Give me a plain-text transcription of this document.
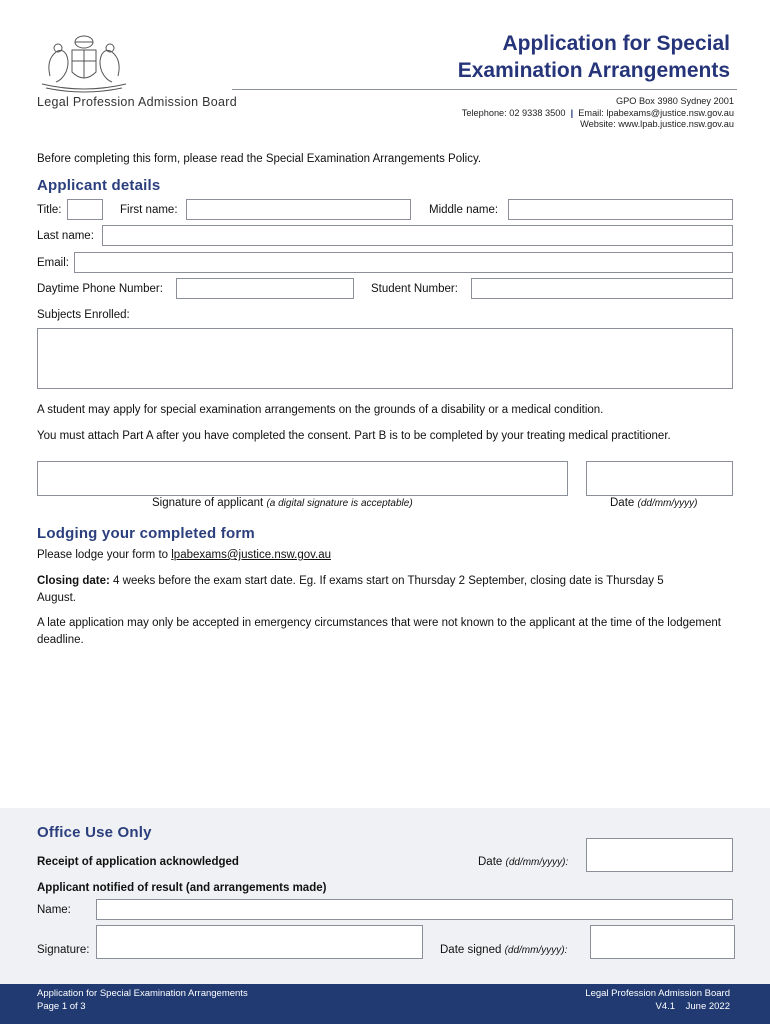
Legal Profession Admission Board
Application for Special
Examination Arrangements
GPO Box 3980 Sydney 2001
Telephone: 02 9338 3500 | Email: lpabexams@justice.nsw.gov.au
Website: www.lpab.justice.nsw.gov.au
Before completing this form, please read the Special Examination Arrangements Policy.
Applicant details
Title:	First name:	Middle name:
Last name:
Email:
Daytime Phone Number:	Student Number:
Subjects Enrolled:
A student may apply for special examination arrangements on the grounds of a disability or a medical condition.
You must attach Part A after you have completed the consent. Part B is to be completed by your treating medical practitioner.
Signature of applicant (a digital signature is acceptable)	Date (dd/mm/yyyy)
Lodging your completed form
Please lodge your form to lpabexams@justice.nsw.gov.au
Closing date: 4 weeks before the exam start date. Eg. If exams start on Thursday 2 September, closing date is Thursday 5 August.
A late application may only be accepted in emergency circumstances that were not known to the applicant at the time of the lodgement deadline.
Office Use Only
Receipt of application acknowledged	Date (dd/mm/yyyy):
Applicant notified of result (and arrangements made)
Name:
Signature:	Date signed (dd/mm/yyyy):
Application for Special Examination Arrangements
Page 1 of 3
Legal Profession Admission Board
V4.1 June 2022
